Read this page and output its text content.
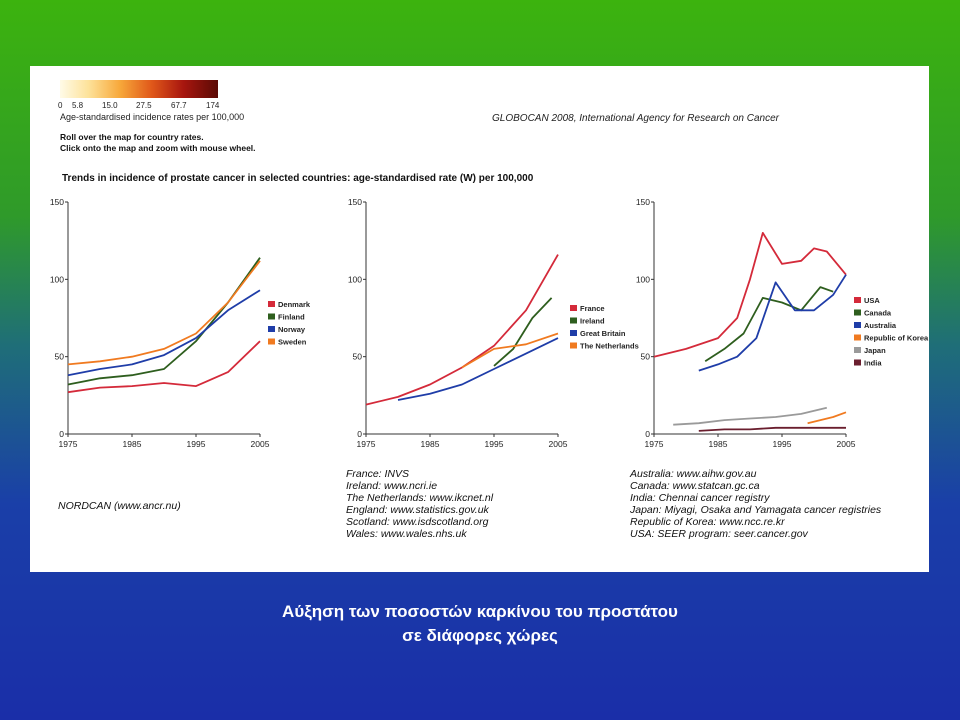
0 5.8 15.0 27.5 67.7 174
Age-standardised incidence rates per 100,000	GLOBOCAN 2008, International Agency for Research on Cancer
Roll over the map for country rates.
Click onto the map and zoom with mouse wheel.
Trends in incidence of prostate cancer in selected countries: age-standardised rate (W) per 100,000
0
50
100
150
1975	1985	1995	2005
Denmark
Finland
Norway
Sweden
0
50
100
150
1975	1985	1995	2005
France
Ireland
Great Britain
The Netherlands
0
50
100
150
1975	1985	1995	2005
USA
Canada
Australia
Republic of Korea
Japan
India
NORDCAN (www.ancr.nu)
France: INVS
Ireland: www.ncri.ie
The Netherlands: www.ikcnet.nl
England: www.statistics.gov.uk
Scotland: www.isdscotland.org
Wales: www.wales.nhs.uk
Australia: www.aihw.gov.au
Canada: www.statcan.gc.ca
India: Chennai cancer registry
Japan: Miyagi, Osaka and Yamagata cancer registries
Republic of Korea: www.ncc.re.kr
USA: SEER program: seer.cancer.gov
Αύξηση των ποσοστών καρκίνου του προστάτου
σε διάφορες χώρες
